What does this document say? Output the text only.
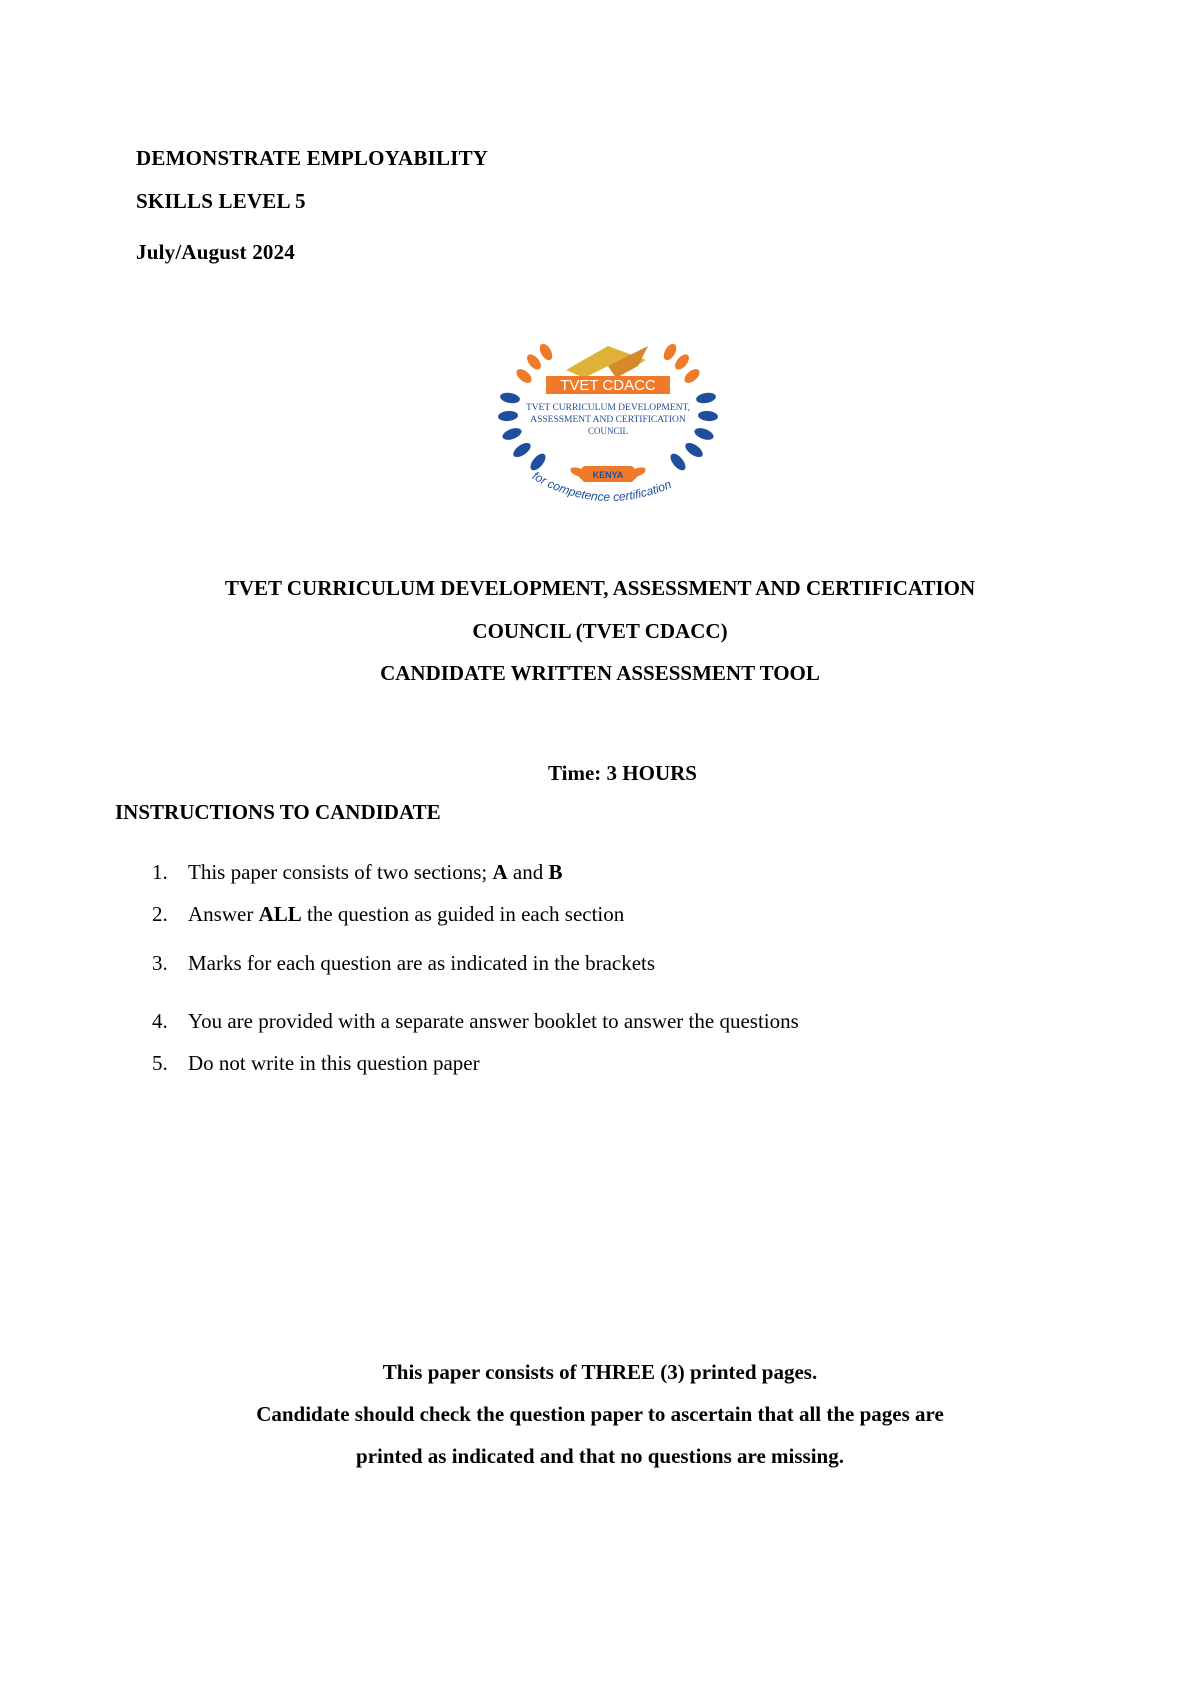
DEMONSTRATE EMPLOYABILITY
SKILLS LEVEL 5
July/August 2024
TVET CDACC
TVET CURRICULUM DEVELOPMENT,
ASSESSMENT AND CERTIFICATION
COUNCIL
KENYA
for competence certification
TVET CURRICULUM DEVELOPMENT, ASSESSMENT AND CERTIFICATION
COUNCIL (TVET CDACC)
CANDIDATE WRITTEN ASSESSMENT TOOL
Time: 3 HOURS
INSTRUCTIONS TO CANDIDATE
1. This paper consists of two sections; A and B
2. Answer ALL the question as guided in each section
3. Marks for each question are as indicated in the brackets
4. You are provided with a separate answer booklet to answer the questions
5. Do not write in this question paper
This paper consists of THREE (3) printed pages.
Candidate should check the question paper to ascertain that all the pages are
printed as indicated and that no questions are missing.
